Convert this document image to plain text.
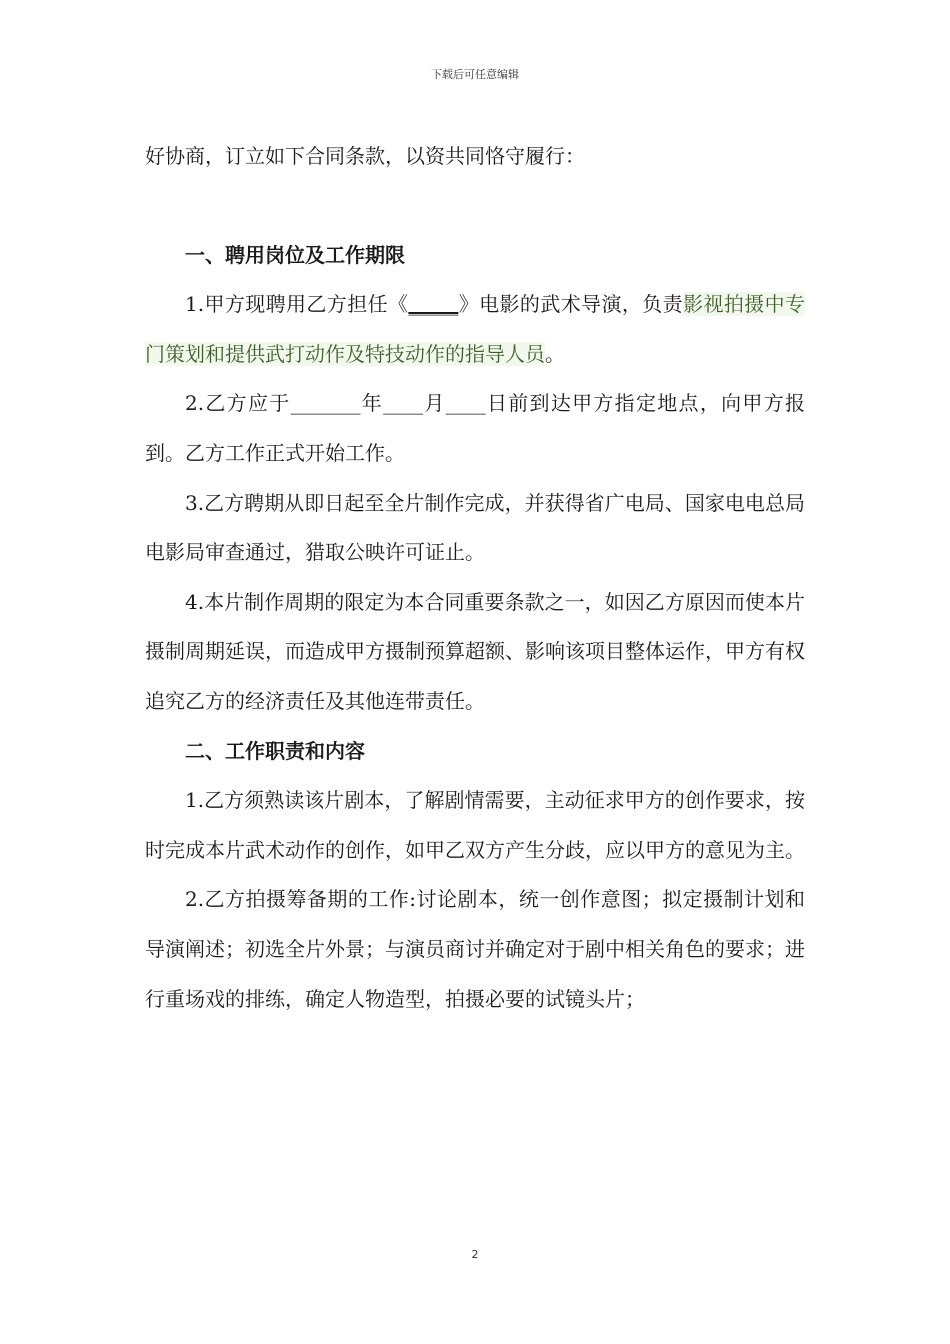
下载后可任意编辑

好协商，订立如下合同条款，以资共同恪守履行：

一、聘用岗位及工作期限

1.甲方现聘用乙方担任《_____》电影的武术导演，负责影视拍摄中专门策划和提供武打动作及特技动作的指导人员。

2.乙方应于_______年____月____日前到达甲方指定地点，向甲方报到。乙方工作正式开始工作。

3.乙方聘期从即日起至全片制作完成，并获得省广电局、国家电电总局电影局审查通过，猎取公映许可证止。

4.本片制作周期的限定为本合同重要条款之一，如因乙方原因而使本片摄制周期延误，而造成甲方摄制预算超额、影响该项目整体运作，甲方有权追究乙方的经济责任及其他连带责任。

二、工作职责和内容

1.乙方须熟读该片剧本，了解剧情需要，主动征求甲方的创作要求，按时完成本片武术动作的创作，如甲乙双方产生分歧，应以甲方的意见为主。

2.乙方拍摄筹备期的工作:讨论剧本，统一创作意图；拟定摄制计划和导演阐述；初选全片外景；与演员商讨并确定对于剧中相关角色的要求；进行重场戏的排练，确定人物造型，拍摄必要的试镜头片；

2
